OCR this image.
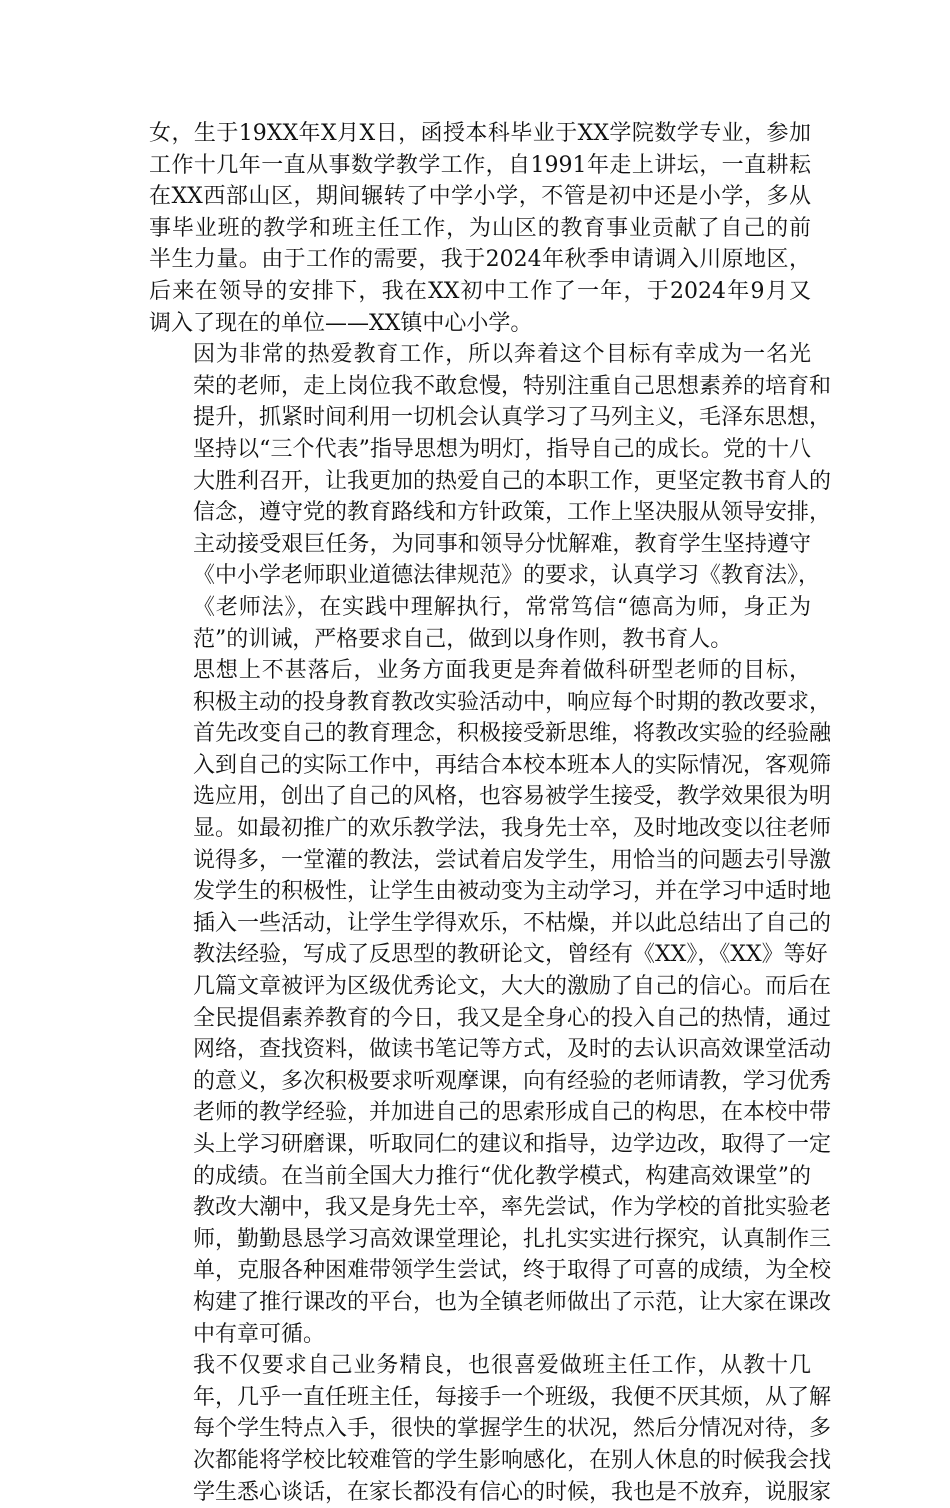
女，生于19XX年X月X日，函授本科毕业于XX学院数学专业，参加
工作十几年一直从事数学教学工作，自1991年走上讲坛，一直耕耘
在XX西部山区，期间辗转了中学小学，不管是初中还是小学，多从
事毕业班的教学和班主任工作，为山区的教育事业贡献了自己的前
半生力量。由于工作的需要，我于2024年秋季申请调入川原地区，
后来在领导的安排下，我在XX初中工作了一年，于2024年9月又
调入了现在的单位——XX镇中心小学。
因为非常的热爱教育工作，所以奔着这个目标有幸成为一名光
荣的老师，走上岗位我不敢怠慢，特别注重自己思想素养的培育和
提升，抓紧时间利用一切机会认真学习了马列主义，毛泽东思想，
坚持以“三个代表”指导思想为明灯，指导自己的成长。党的十八
大胜利召开，让我更加的热爱自己的本职工作，更坚定教书育人的
信念，遵守党的教育路线和方针政策，工作上坚决服从领导安排，
主动接受艰巨任务，为同事和领导分忧解难，教育学生坚持遵守
《中小学老师职业道德法律规范》的要求，认真学习《教育法》，
《老师法》，在实践中理解执行，常常笃信“德高为师，身正为
范”的训诫，严格要求自己，做到以身作则，教书育人。
思想上不甚落后，业务方面我更是奔着做科研型老师的目标，
积极主动的投身教育教改实验活动中，响应每个时期的教改要求，
首先改变自己的教育理念，积极接受新思维，将教改实验的经验融
入到自己的实际工作中，再结合本校本班本人的实际情况，客观筛
选应用，创出了自己的风格，也容易被学生接受，教学效果很为明
显。如最初推广的欢乐教学法，我身先士卒，及时地改变以往老师
说得多，一堂灌的教法，尝试着启发学生，用恰当的问题去引导激
发学生的积极性，让学生由被动变为主动学习，并在学习中适时地
插入一些活动，让学生学得欢乐，不枯燥，并以此总结出了自己的
教法经验，写成了反思型的教研论文，曾经有《XX》，《XX》等好
几篇文章被评为区级优秀论文，大大的激励了自己的信心。而后在
全民提倡素养教育的今日，我又是全身心的投入自己的热情，通过
网络，查找资料，做读书笔记等方式，及时的去认识高效课堂活动
的意义，多次积极要求听观摩课，向有经验的老师请教，学习优秀
老师的教学经验，并加进自己的思索形成自己的构思，在本校中带
头上学习研磨课，听取同仁的建议和指导，边学边改，取得了一定
的成绩。在当前全国大力推行“优化教学模式，构建高效课堂”的
教改大潮中，我又是身先士卒，率先尝试，作为学校的首批实验老
师，勤勤恳恳学习高效课堂理论，扎扎实实进行探究，认真制作三
单，克服各种困难带领学生尝试，终于取得了可喜的成绩，为全校
构建了推行课改的平台，也为全镇老师做出了示范，让大家在课改
中有章可循。
我不仅要求自己业务精良，也很喜爱做班主任工作，从教十几
年，几乎一直任班主任，每接手一个班级，我便不厌其烦，从了解
每个学生特点入手，很快的掌握学生的状况，然后分情况对待，多
次都能将学校比较难管的学生影响感化，在别人休息的时候我会找
学生悉心谈话，在家长都没有信心的时候，我也是不放弃，说服家
